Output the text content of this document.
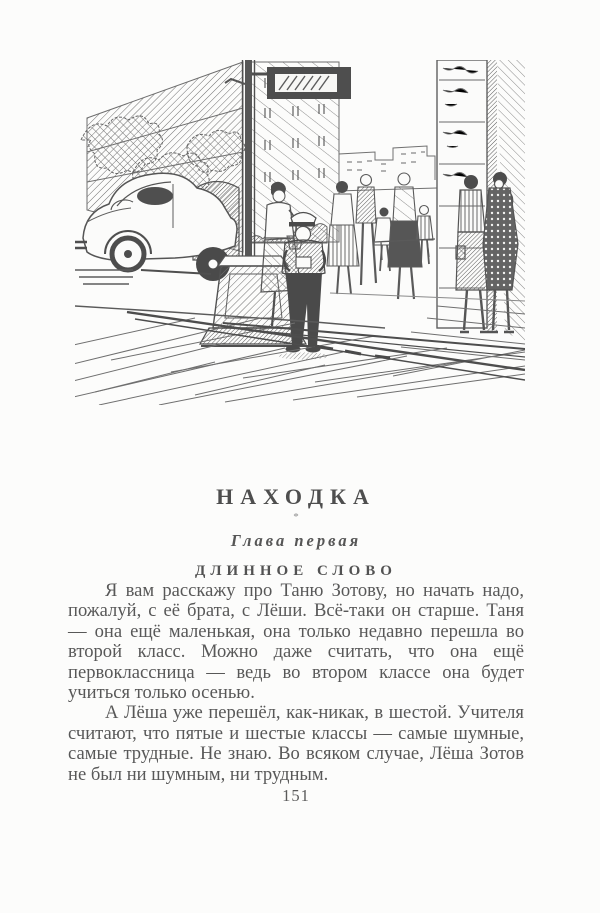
НАХОДКА
*
Глава первая
ДЛИННОЕ СЛОВО

Я вам расскажу про Таню Зотову, но начать надо, пожалуй, с её брата, с Лёши. Всё-таки он старше. Таня — она ещё маленькая, она только недавно перешла во второй класс. Можно даже считать, что она ещё первоклассница — ведь во втором классе она будет учиться только осенью.

А Лёша уже перешёл, как-никак, в шестой. Учителя считают, что пятые и шестые классы — самые шумные, самые трудные. Не знаю. Во всяком случае, Лёша Зотов не был ни шумным, ни трудным.

151
